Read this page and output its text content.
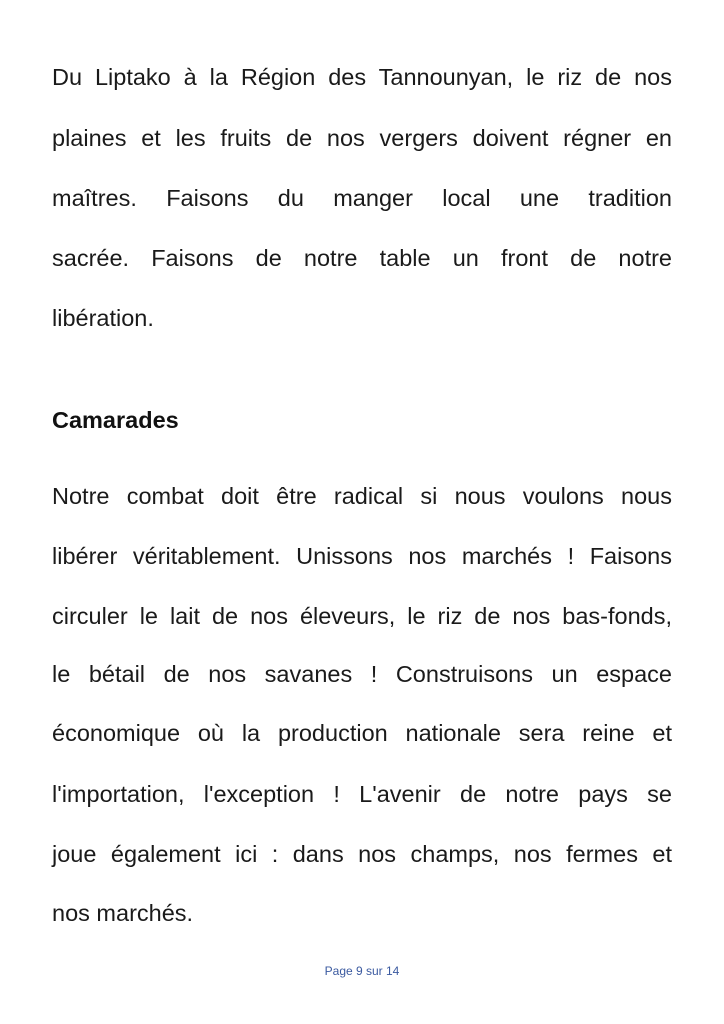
Du Liptako à la Région des Tannounyan, le riz de nos
plaines et les fruits de nos vergers doivent régner en
maîtres. Faisons du manger local une tradition
sacrée. Faisons de notre table un front de notre
libération.
Camarades
Notre combat doit être radical si nous voulons nous
libérer véritablement. Unissons nos marchés ! Faisons
circuler le lait de nos éleveurs, le riz de nos bas-fonds,
le bétail de nos savanes ! Construisons un espace
économique où la production nationale sera reine et
l'importation, l'exception ! L'avenir de notre pays se
joue également ici : dans nos champs, nos fermes et
nos marchés.
Page 9 sur 14
